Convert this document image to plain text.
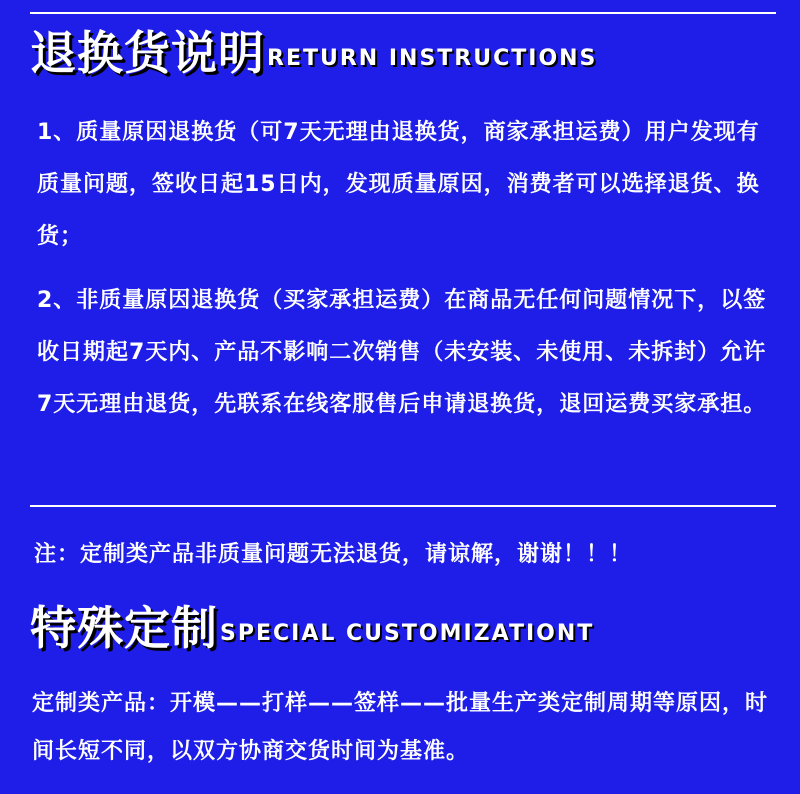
退换货说明 RETURN INSTRUCTIONS
1、质量原因退换货（可7天无理由退换货，商家承担运费）用户发现有质量问题，签收日起15日内，发现质量原因，消费者可以选择退货、换货；
2、非质量原因退换货（买家承担运费）在商品无任何问题情况下，以签收日期起7天内、产品不影响二次销售（未安装、未使用、未拆封）允许7天无理由退货，先联系在线客服售后申请退换货，退回运费买家承担。
注：定制类产品非质量问题无法退货，请谅解，谢谢！！！
特殊定制 SPECIAL CUSTOMIZATIONT
定制类产品：开模——打样——签样——批量生产类定制周期等原因，时间长短不同，以双方协商交货时间为基准。
